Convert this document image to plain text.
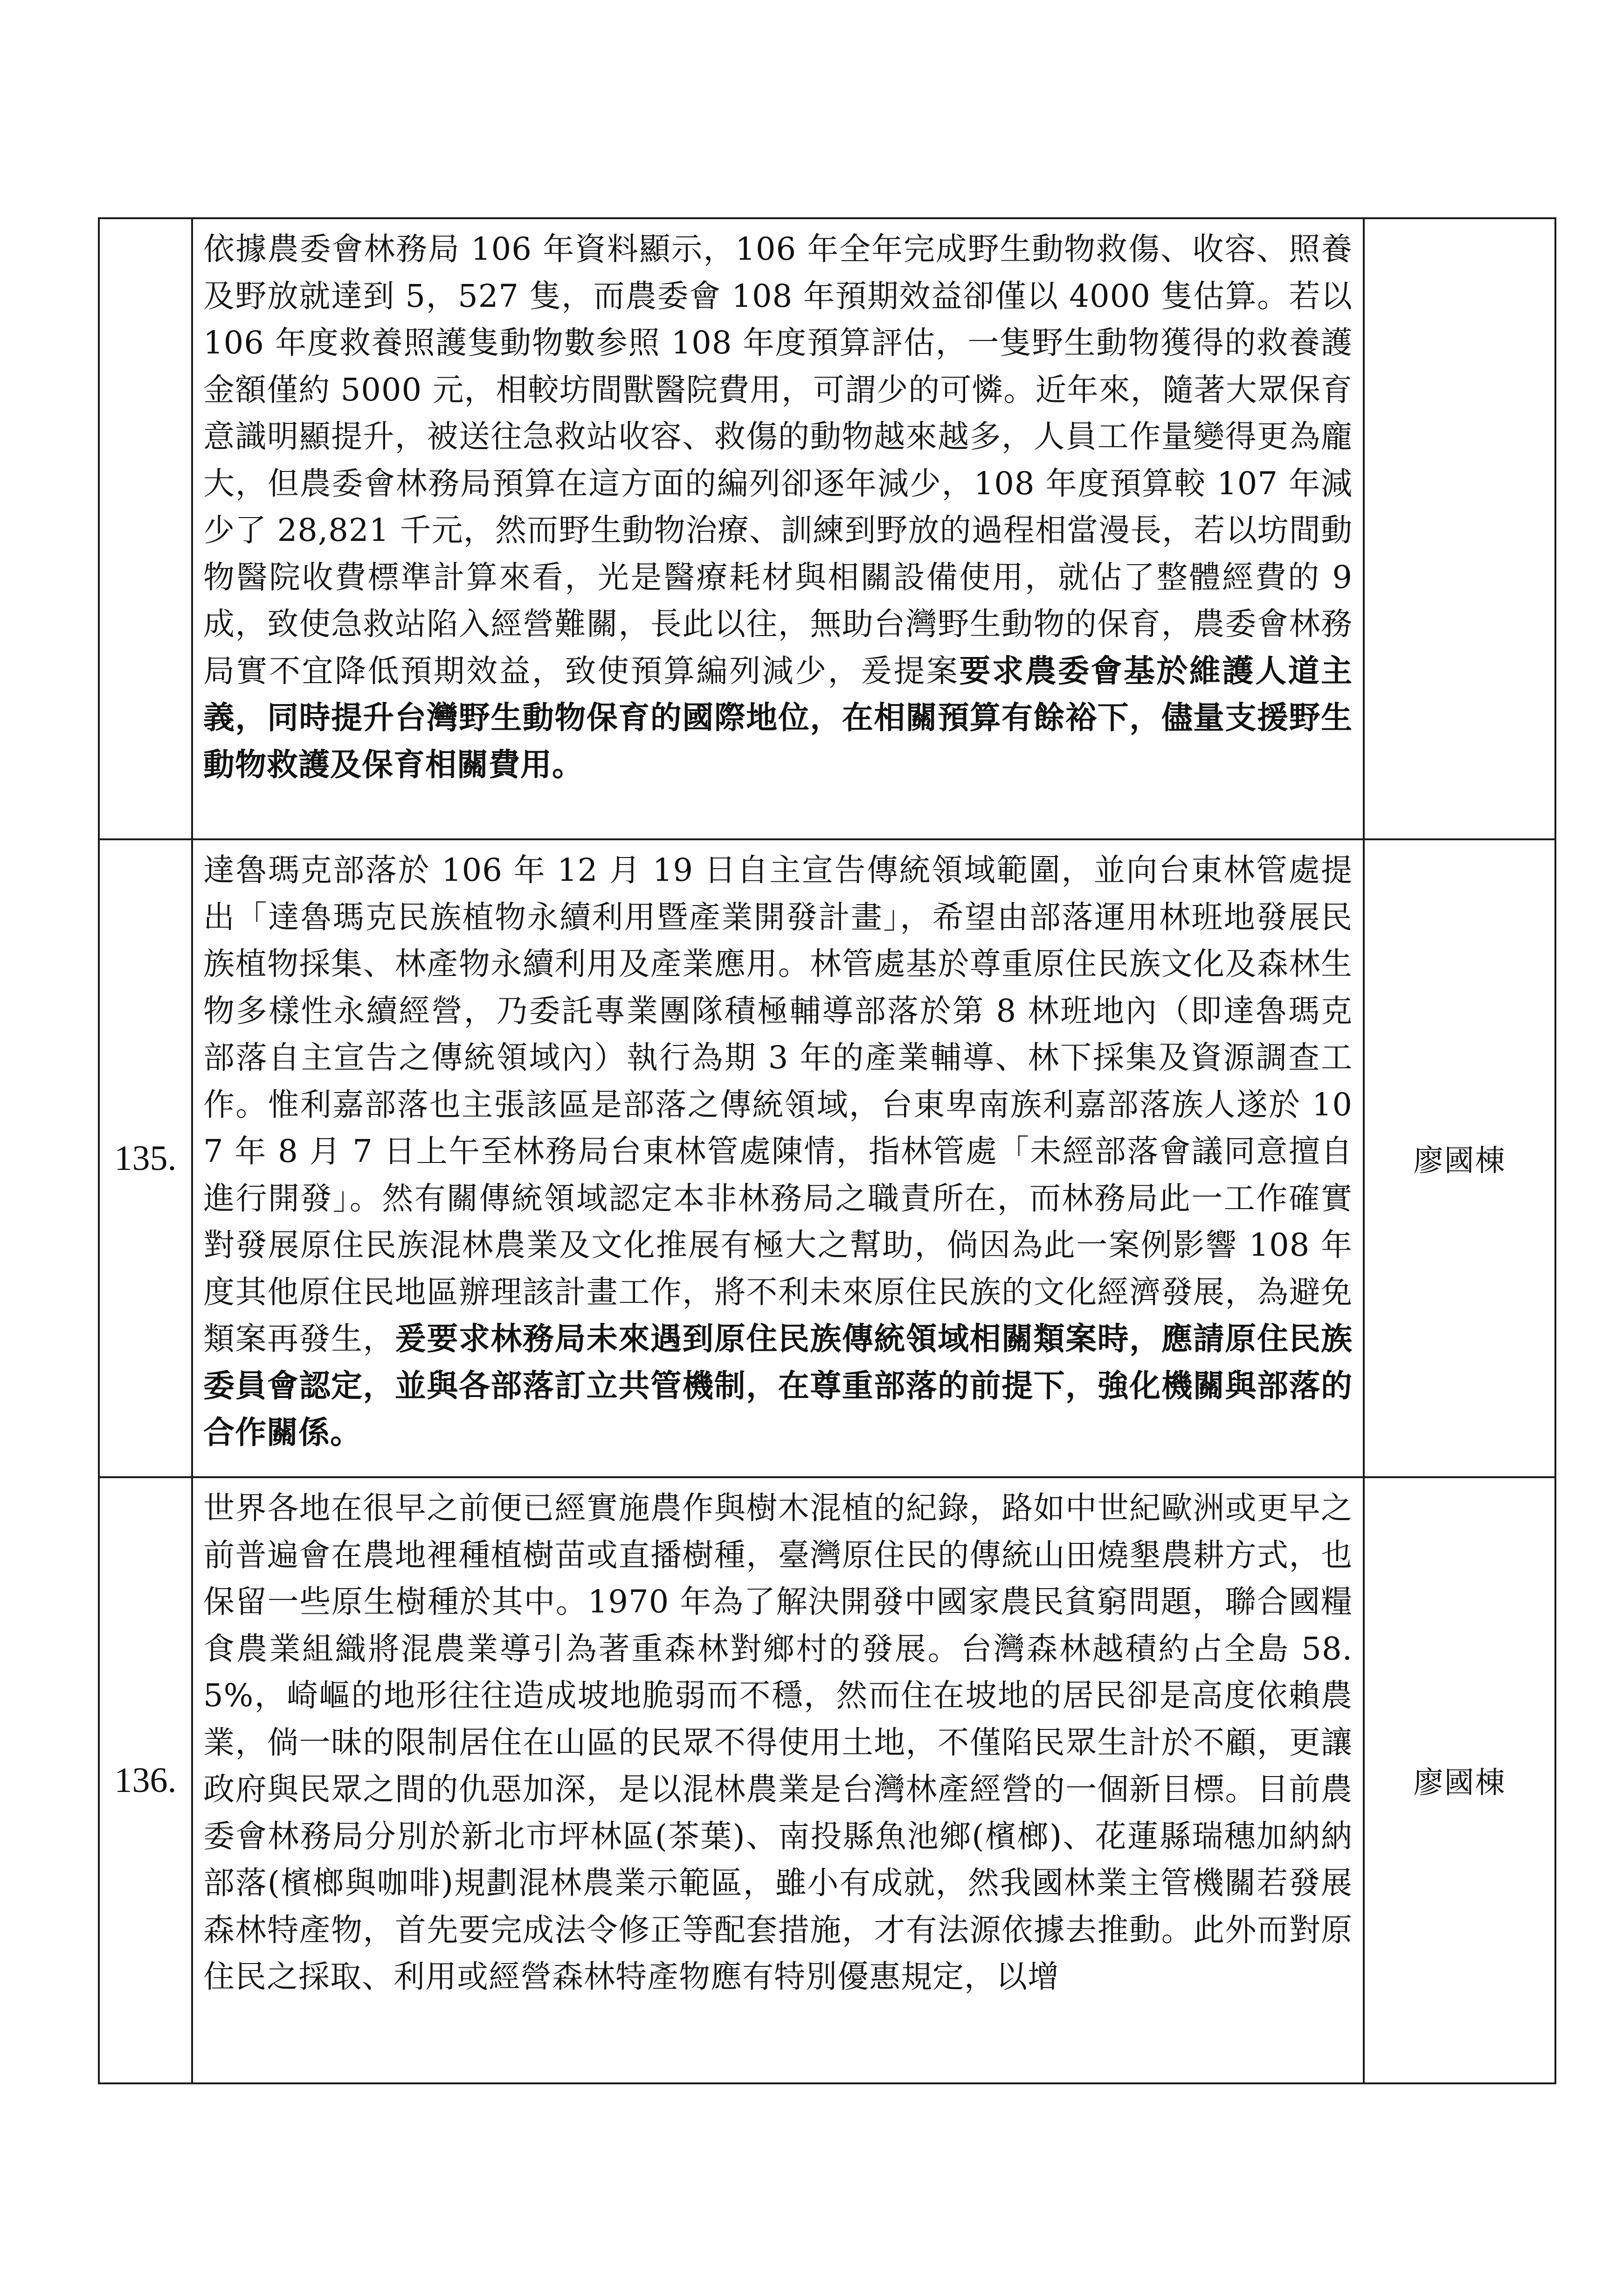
	依據農委會林務局 106 年資料顯示，106 年全年完成野生動物救傷、收容、照養及野放就達到 5，527 隻，而農委會 108 年預期效益卻僅以 4000 隻估算。若以 106 年度救養照護隻動物數参照 108 年度預算評估，一隻野生動物獲得的救養護金額僅約 5000 元，相較坊間獸醫院費用，可謂少的可憐。近年來，隨著大眾保育意識明顯提升，被送往急救站收容、救傷的動物越來越多，人員工作量變得更為龐大，但農委會林務局預算在這方面的編列卻逐年減少，108 年度預算較 107 年減少了 28,821 千元，然而野生動物治療、訓練到野放的過程相當漫長，若以坊間動物醫院收費標準計算來看，光是醫療耗材與相關設備使用，就佔了整體經費的 9 成，致使急救站陷入經營難關，長此以往，無助台灣野生動物的保育，農委會林務局實不宜降低預期效益，致使預算編列減少，爰提案要求農委會基於維護人道主義，同時提升台灣野生動物保育的國際地位，在相關預算有餘裕下，儘量支援野生動物救護及保育相關費用。	

135.	達魯瑪克部落於 106 年 12 月 19 日自主宣告傳統領域範圍，並向台東林管處提出「達魯瑪克民族植物永續利用暨產業開發計畫」，希望由部落運用林班地發展民族植物採集、林產物永續利用及產業應用。林管處基於尊重原住民族文化及森林生物多樣性永續經營，乃委託專業團隊積極輔導部落於第 8 林班地內（即達魯瑪克部落自主宣告之傳統領域內）執行為期 3 年的產業輔導、林下採集及資源調查工作。惟利嘉部落也主張該區是部落之傳統領域，台東卑南族利嘉部落族人遂於 107 年 8 月 7 日上午至林務局台東林管處陳情，指林管處「未經部落會議同意擅自進行開發」。然有關傳統領域認定本非林務局之職責所在，而林務局此一工作確實對發展原住民族混林農業及文化推展有極大之幫助，倘因為此一案例影響 108 年度其他原住民地區辦理該計畫工作，將不利未來原住民族的文化經濟發展，為避免類案再發生，爰要求林務局未來遇到原住民族傳統領域相關類案時，應請原住民族委員會認定，並與各部落訂立共管機制，在尊重部落的前提下，強化機關與部落的合作關係。	廖國棟
136.	世界各地在很早之前便已經實施農作與樹木混植的紀錄，路如中世紀歐洲或更早之前普遍會在農地裡種植樹苗或直播樹種，臺灣原住民的傳統山田燒墾農耕方式，也保留一些原生樹種於其中。1970 年為了解決開發中國家農民貧窮問題，聯合國糧食農業組織將混農業導引為著重森林對鄉村的發展。台灣森林越積約占全島 58.5%，崎嶇的地形往往造成坡地脆弱而不穩，然而住在坡地的居民卻是高度依賴農業，倘一昧的限制居住在山區的民眾不得使用土地，不僅陷民眾生計於不顧，更讓政府與民眾之間的仇惡加深，是以混林農業是台灣林產經營的一個新目標。目前農委會林務局分別於新北市坪林區(茶葉)、南投縣魚池鄉(檳榔)、花蓮縣瑞穗加納納部落(檳榔與咖啡)規劃混林農業示範區，雖小有成就，然我國林業主管機關若發展森林特產物，首先要完成法令修正等配套措施，才有法源依據去推動。此外而對原住民之採取、利用或經營森林特產物應有特別優惠規定，以增	廖國棟
